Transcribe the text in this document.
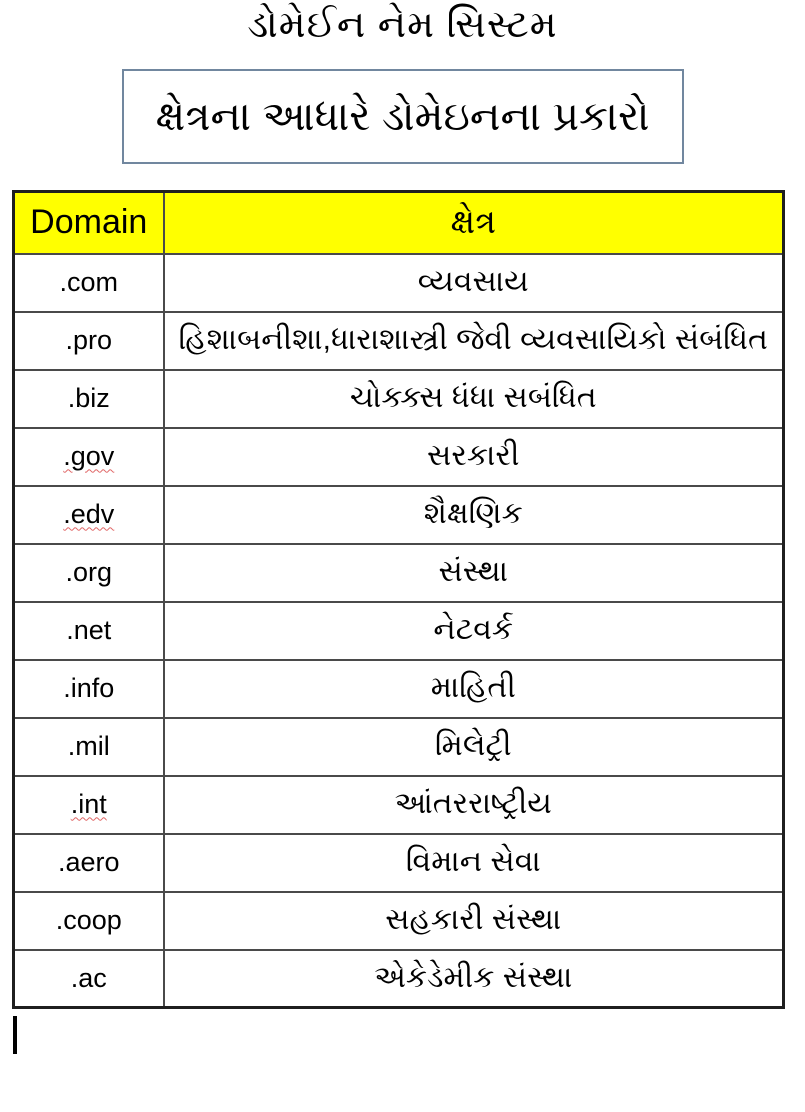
ડોમેઈન નેમ સિસ્ટમ
ક્ષેત્રના આધારે ડોમેઇનના પ્રકારો
Domain	ક્ષેત્ર
.com	વ્યવસાય
.pro	હિશાબનીશા,ધારાશાસ્ત્રી જેવી વ્યવસાયિકો સંબંધિત
.biz	ચોક્ક્સ ધંધા સબંધિત
.gov	સરકારી
.edv	શૈક્ષણિક
.org	સંસ્થા
.net	નેટવર્ક
.info	માહિતી
.mil	મિલેટ્રી
.int	આંતરરાષ્ટ્રીય
.aero	વિમાન સેવા
.coop	સહકારી સંસ્થા
.ac	એકેડેમીક સંસ્થા
